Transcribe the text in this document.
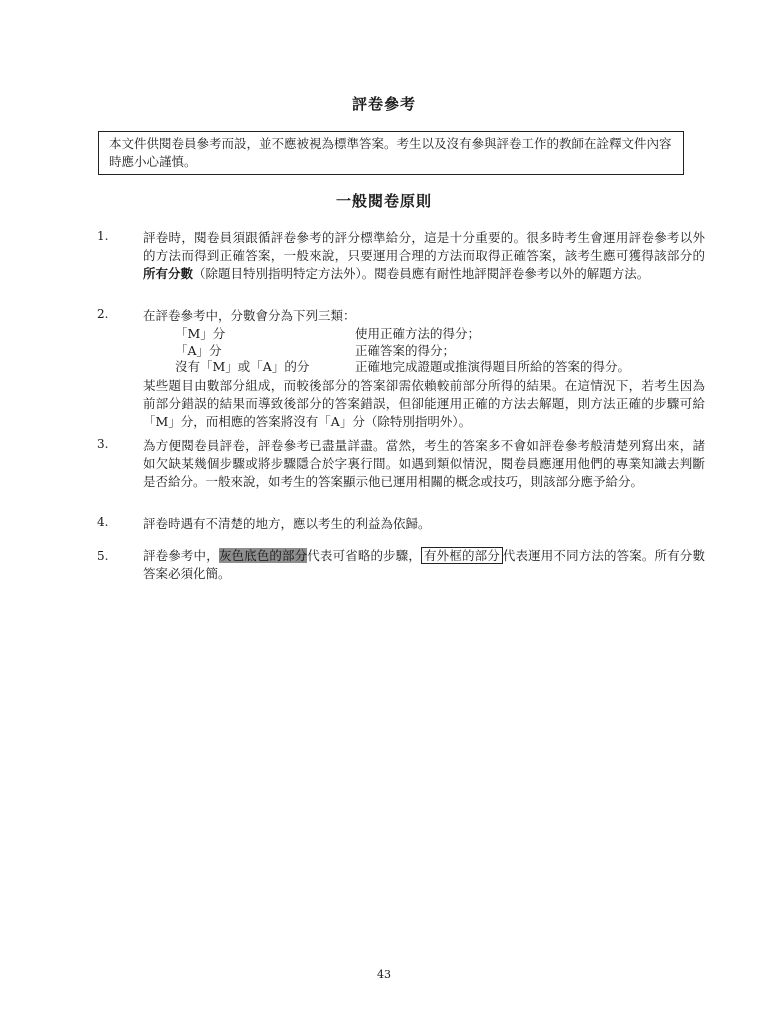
評卷參考
本文件供閱卷員參考而設，並不應被視為標準答案。考生以及沒有參與評卷工作的教師在詮釋文件內容時應小心謹慎。
一般閱卷原則
1.	評卷時，閱卷員須跟循評卷參考的評分標準給分，這是十分重要的。很多時考生會運用評卷參考以外的方法而得到正確答案，一般來說，只要運用合理的方法而取得正確答案，該考生應可獲得該部分的所有分數（除題目特別指明特定方法外）。閱卷員應有耐性地評閱評卷參考以外的解題方法。
2.	在評卷參考中，分數會分為下列三類：
「M」分	使用正確方法的得分；
「A」分	正確答案的得分；
沒有「M」或「A」的分	正確地完成證題或推演得題目所給的答案的得分。
某些題目由數部分組成，而較後部分的答案卻需依賴較前部分所得的結果。在這情況下，若考生因為前部分錯誤的結果而導致後部分的答案錯誤，但卻能運用正確的方法去解題，則方法正確的步驟可給「M」分，而相應的答案將沒有「A」分（除特別指明外）。
3.	為方便閱卷員評卷，評卷參考已盡量詳盡。當然，考生的答案多不會如評卷參考般清楚列寫出來，諸如欠缺某幾個步驟或將步驟隱合於字裏行間。如遇到類似情況，閱卷員應運用他們的專業知識去判斷是否給分。一般來說，如考生的答案顯示他已運用相關的概念或技巧，則該部分應予給分。
4.	評卷時遇有不清楚的地方，應以考生的利益為依歸。
5.	評卷參考中，灰色底色的部分代表可省略的步驟， 有外框的部分 代表運用不同方法的答案。所有分數答案必須化簡。
43
